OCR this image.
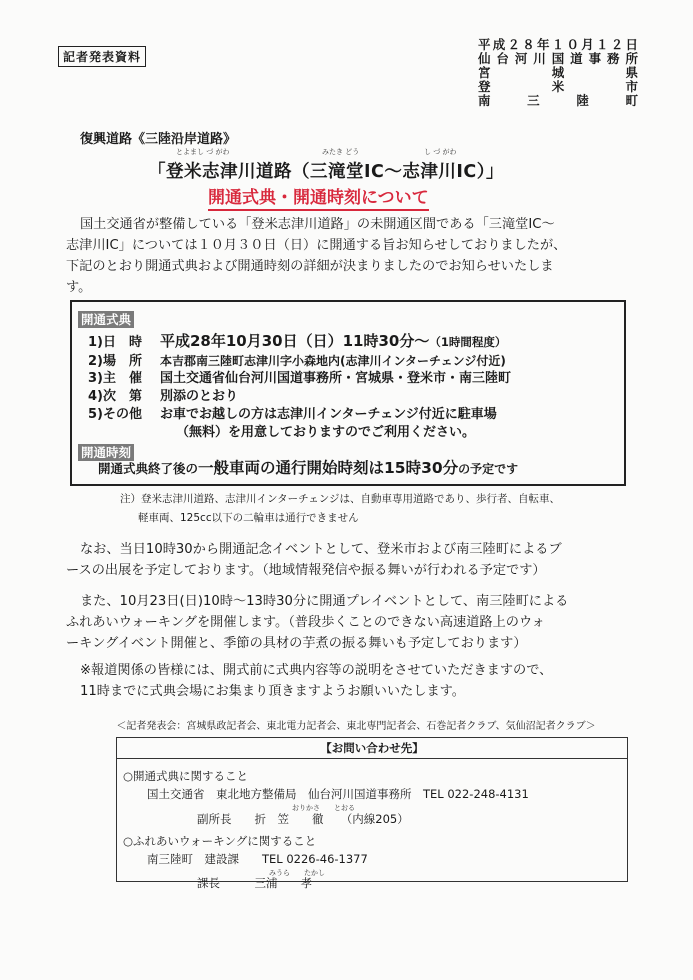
記者発表資料
平成２８年１０月１２日
仙台河川国道事務所
宮城県
登米市
南三陸町
復興道路《三陸沿岸道路》
とよまし づ がわ	みたき どう	し づ がわ
「登米志津川道路（三滝堂IC～志津川IC）」
開通式典・開通時刻について
国土交通省が整備している「登米志津川道路」の未開通区間である「三滝堂IC～
志津川IC」については１０月３０日（日）に開通する旨お知らせしておりましたが、
下記のとおり開通式典および開通時刻の詳細が決まりましたのでお知らせいたしま
す。
開通式典
1)日　時 平成28年10月30日（日）11時30分～（1時間程度）
2)場　所 本吉郡南三陸町志津川字小森地内(志津川インターチェンジ付近)
3)主　催 国土交通省仙台河川国道事務所・宮城県・登米市・南三陸町
4)次　第 別添のとおり
5)その他 お車でお越しの方は志津川インターチェンジ付近に駐車場
（無料）を用意しておりますのでご利用ください。
開通時刻
開通式典終了後の一般車両の通行開始時刻は15時30分の予定です
注）登米志津川道路、志津川インターチェンジは、自動車専用道路であり、歩行者、自転車、
軽車両、125cc以下の二輪車は通行できません
なお、当日10時30から開通記念イベントとして、登米市および南三陸町によるブ
ースの出展を予定しております。（地域情報発信や振る舞いが行われる予定です）
また、10月23日(日)10時～13時30分に開通プレイベントとして、南三陸町による
ふれあいウォーキングを開催します。（普段歩くことのできない高速道路上のウォ
ーキングイベント開催と、季節の具材の芋煮の振る舞いも予定しております）
※報道関係の皆様には、開式前に式典内容等の説明をさせていただきますので、
11時までに式典会場にお集まり頂きますようお願いいたします。
＜記者発表会：宮城県政記者会、東北電力記者会、東北専門記者会、石巻記者クラブ、気仙沼記者クラブ＞
【お問い合わせ先】
○開通式典に関すること
国土交通省　東北地方整備局　仙台河川国道事務所　TEL 022-248-4131
おりかさ　　とおる
副所長　　折　笠　　徹　　（内線205）
○ふれあいウォーキングに関すること
南三陸町　建設課　　TEL 0226-46-1377
みうら　　たかし
課長　　　三浦　　孝
